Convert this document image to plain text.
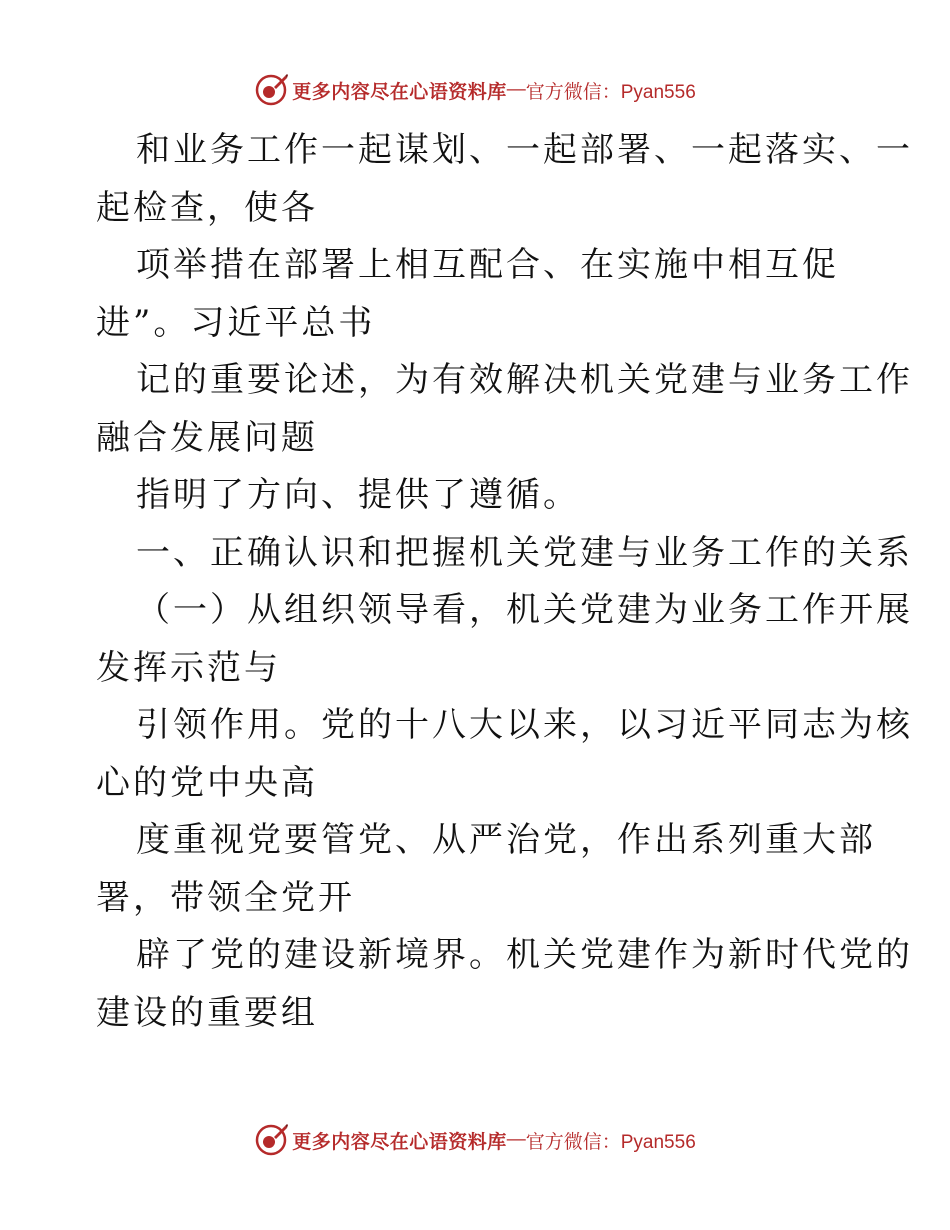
更多内容尽在心语资料库 — 官方微信：Pyan556
和业务工作一起谋划、一起部署、一起落实、一
起检查，使各
项举措在部署上相互配合、在实施中相互促
进”。习近平总书
记的重要论述，为有效解决机关党建与业务工作
融合发展问题
指明了方向、提供了遵循。
一、正确认识和把握机关党建与业务工作的关系
（一）从组织领导看，机关党建为业务工作开展
发挥示范与
引领作用。党的十八大以来，以习近平同志为核
心的党中央高
度重视党要管党、从严治党，作出系列重大部
署，带领全党开
辟了党的建设新境界。机关党建作为新时代党的
建设的重要组
更多内容尽在心语资料库 — 官方微信：Pyan556
